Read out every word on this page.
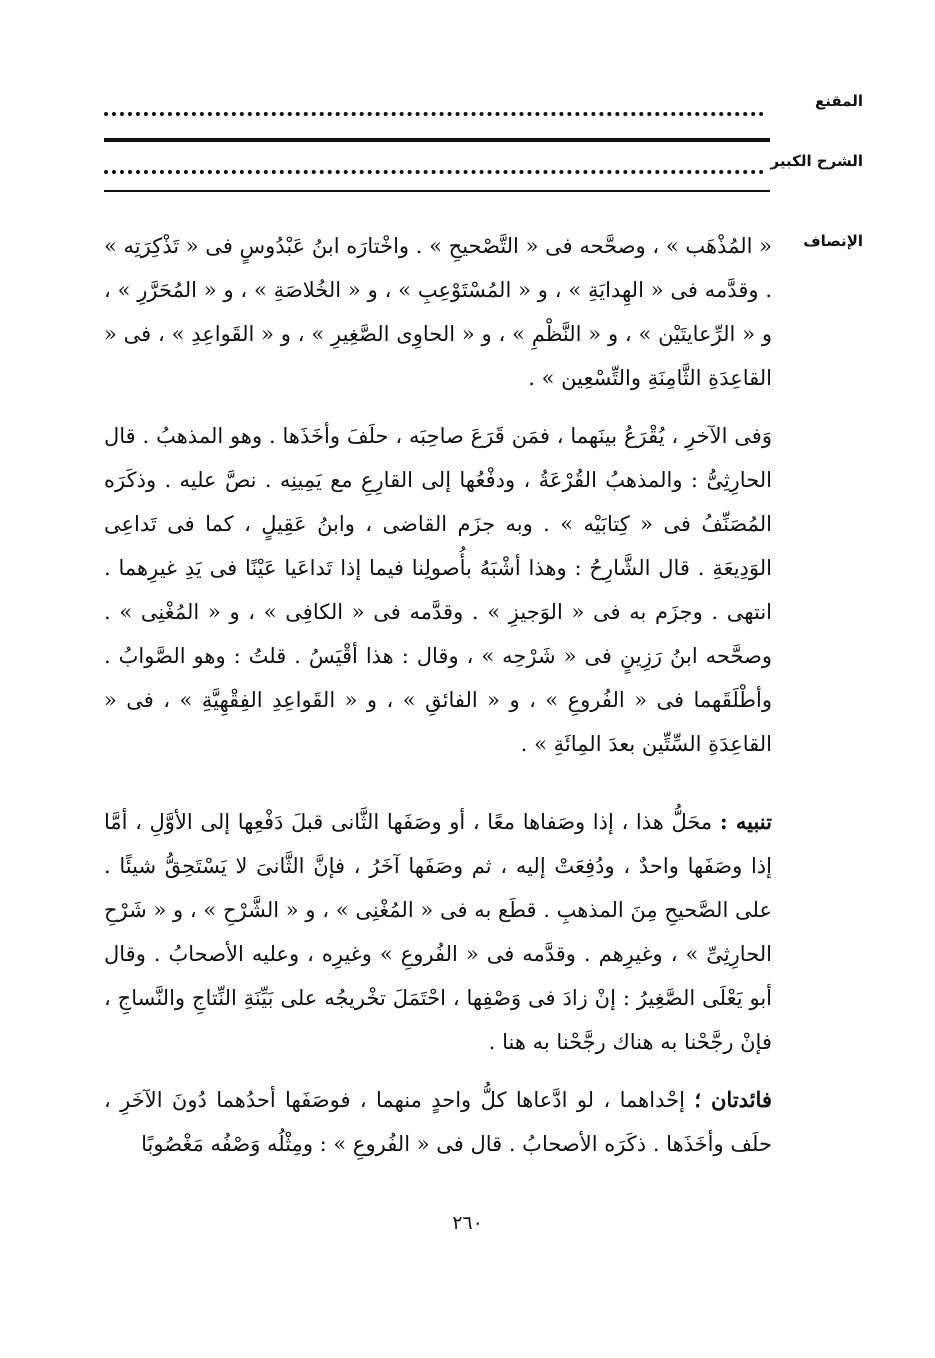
المقنع
الشرح الكبير
الإنصاف

« المُذْهَب » ، وصحَّحه فى « التَّصْحيحِ » . واخْتارَه ابنُ عَبْدُوسٍ فى « تَذْكِرَتِه » . وقدَّمه فى « الهِدايَةِ » ، و « المُسْتَوْعِبِ » ، و « الخُلاصَةِ » ، و « المُحَرَّرِ » ، و « الرِّعايتَيْن » ، و « النَّظْمِ » ، و « الحاوِى الصَّغِيرِ » ، و « القَواعِدِ » ، فى « القاعِدَةِ الثَّامِنَةِ والتِّسْعِين » .

وَفى الآخرِ ، يُقْرَعُ بينَهما ، فمَن قَرَعَ صاحِبَه ، حلَفَ وأخَذَها . وهو المذهبُ . قال الحارِثِىُّ : والمذهبُ القُرْعَةُ ، ودفْعُها إلى القارِعِ مع يَمِينِه . نصَّ عليه . وذكَرَه المُصَنِّفُ فى « كِتابَيْه » . وبه جزَم القاضى ، وابنُ عَقِيلٍ ، كما فى تَداعِى الوَدِيعَةِ . قال الشَّارِحُ : وهذا أشْبَهُ بأُصولِنا فيما إذا تَداعَيا عَيْنًا فى يَدِ غيرِهما . انتهى . وجزَم به فى « الوَجيزِ » . وقدَّمه فى « الكافِى » ، و « المُغْنِى » . وصحَّحه ابنُ رَزِينٍ فى « شَرْحِه » ، وقال : هذا أقْيَسُ . قلتُ : وهو الصَّوابُ . وأطْلَقَهما فى « الفُروعِ » ، و « الفائقِ » ، و « القَواعِدِ الفِقْهِيَّةِ » ، فى « القاعِدَةِ السِّتِّين بعدَ المِائَةِ » .

تنبيه : محَلُّ هذا ، إذا وصَفاها معًا ، أو وصَفَها الثَّانى قبلَ دَفْعِها إلى الأوَّلِ ، أمَّا إذا وصَفَها واحدٌ ، ودُفِعَتْ إليه ، ثم وصَفَها آخَرُ ، فإنَّ الثَّانىَ لا يَسْتَحِقُّ شيئًا . على الصَّحيحِ مِنَ المذهبِ . قطَع به فى « المُغْنِى » ، و « الشَّرْحِ » ، و « شَرْحِ الحارِثِىِّ » ، وغيرِهم . وقدَّمه فى « الفُروعِ » وغيرِه ، وعليه الأصحابُ . وقال أبو يَعْلَى الصَّغِيرُ : إنْ زادَ فى وَصْفِها ، احْتَمَلَ تخْريجُه على بَيِّنَةِ النِّتاجِ والنَّساجِ ، فإنْ رجَّحْنا به هناك رجَّحْنا به هنا .

فائدتان ؛ إحْداهما ، لو ادَّعاها كلُّ واحدٍ منهما ، فوصَفَها أحدُهما دُونَ الآخَرِ ، حلَف وأخَذَها . ذكَرَه الأصحابُ . قال فى « الفُروعِ » : ومِثْلُه وَصْفُه مَغْصُوبًا

٢٦٠
